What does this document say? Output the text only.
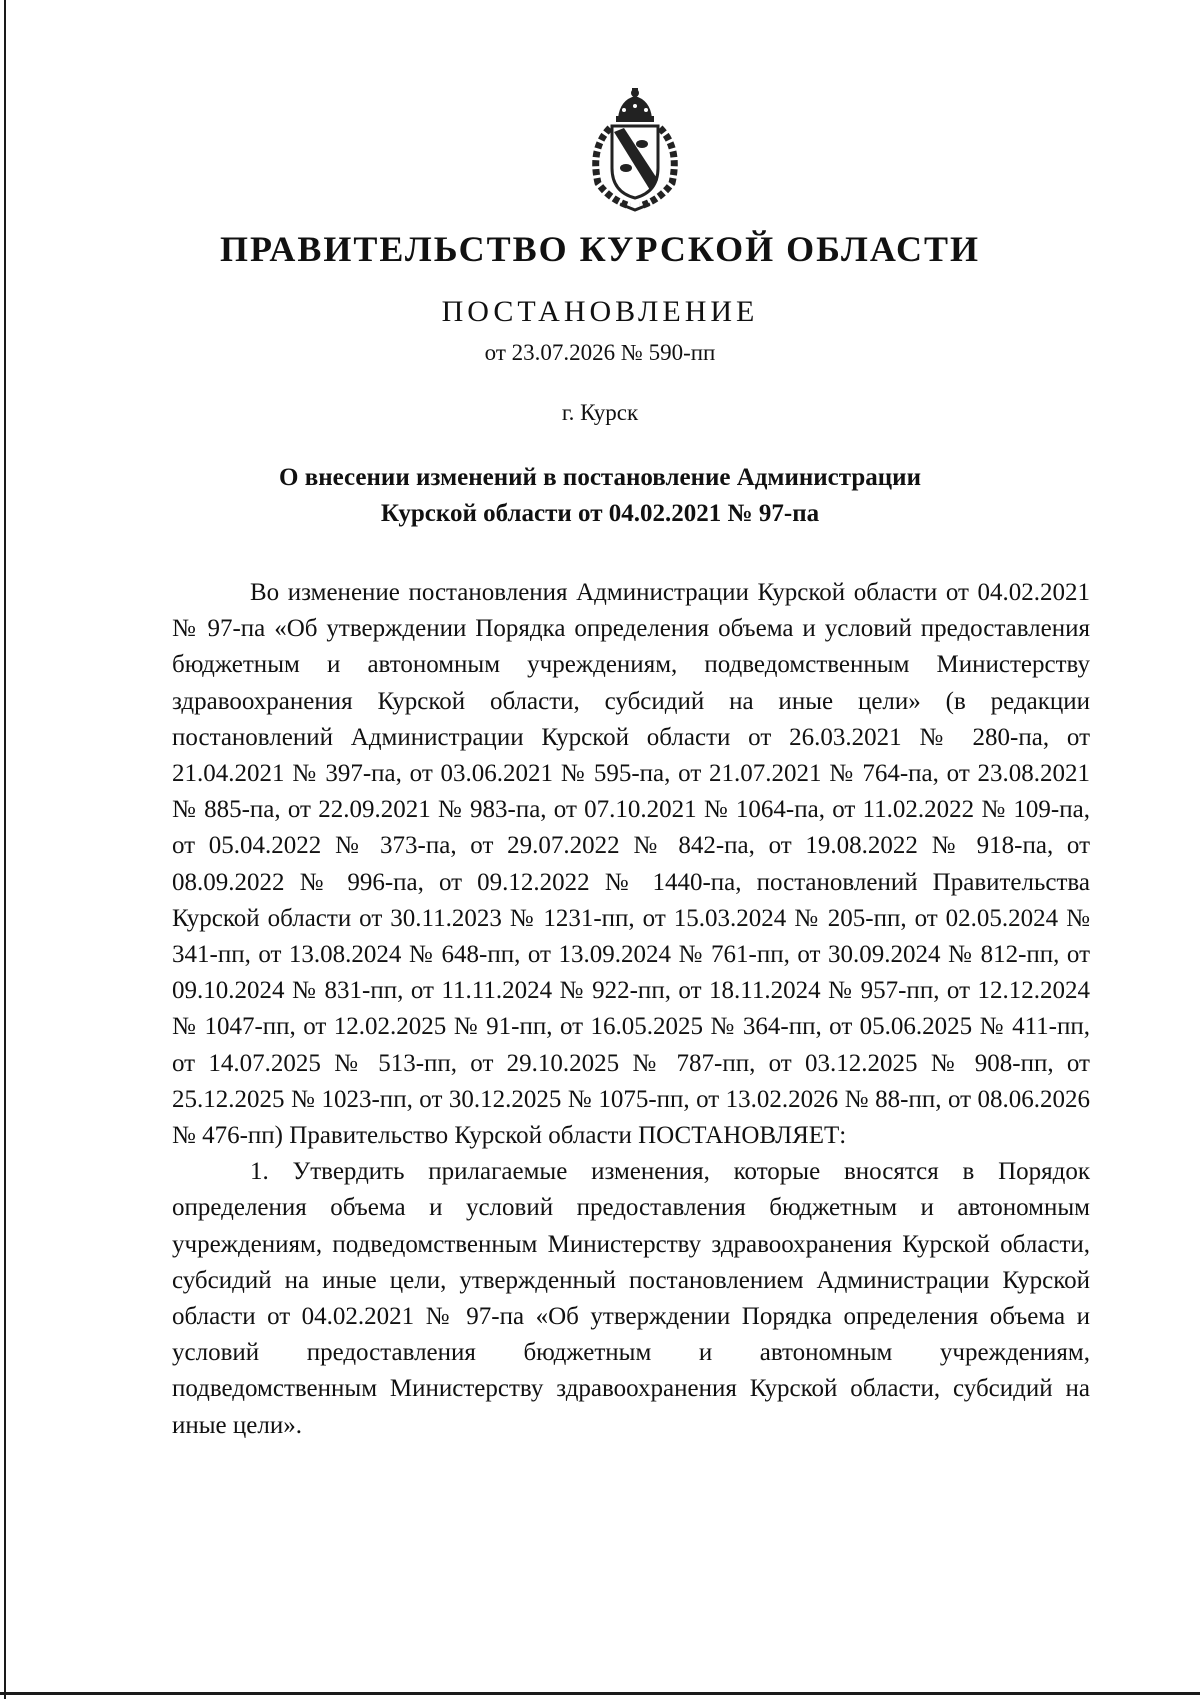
ПРАВИТЕЛЬСТВО КУРСКОЙ ОБЛАСТИ
ПОСТАНОВЛЕНИЕ
от 23.07.2026 № 590-пп
г. Курск
О внесении изменений в постановление Администрации
Курской области от 04.02.2021 № 97-па

Во изменение постановления Администрации Курской области от 04.02.2021 № 97-па «Об утверждении Порядка определения объема и условий предоставления бюджетным и автономным учреждениям, подведомственным Министерству здравоохранения Курской области, субсидий на иные цели» (в редакции постановлений Администрации Курской области от 26.03.2021 № 280-па, от 21.04.2021 № 397-па, от 03.06.2021 № 595-па, от 21.07.2021 № 764-па, от 23.08.2021 № 885-па, от 22.09.2021 № 983-па, от 07.10.2021 № 1064-па, от 11.02.2022 № 109-па, от 05.04.2022 № 373-па, от 29.07.2022 № 842-па, от 19.08.2022 № 918-па, от 08.09.2022 № 996-па, от 09.12.2022 № 1440-па, постановлений Правительства Курской области от 30.11.2023 № 1231-пп, от 15.03.2024 № 205-пп, от 02.05.2024 № 341-пп, от 13.08.2024 № 648-пп, от 13.09.2024 № 761-пп, от 30.09.2024 № 812-пп, от 09.10.2024 № 831-пп, от 11.11.2024 № 922-пп, от 18.11.2024 № 957-пп, от 12.12.2024 № 1047-пп, от 12.02.2025 № 91-пп, от 16.05.2025 № 364-пп, от 05.06.2025 № 411-пп, от 14.07.2025 № 513-пп, от 29.10.2025 № 787-пп, от 03.12.2025 № 908-пп, от 25.12.2025 № 1023-пп, от 30.12.2025 № 1075-пп, от 13.02.2026 № 88-пп, от 08.06.2026 № 476-пп) Правительство Курской области ПОСТАНОВЛЯЕТ:

1. Утвердить прилагаемые изменения, которые вносятся в Порядок определения объема и условий предоставления бюджетным и автономным учреждениям, подведомственным Министерству здравоохранения Курской области, субсидий на иные цели, утвержденный постановлением Администрации Курской области от 04.02.2021 № 97-па «Об утверждении Порядка определения объема и условий предоставления бюджетным и автономным учреждениям, подведомственным Министерству здравоохранения Курской области, субсидий на иные цели».
